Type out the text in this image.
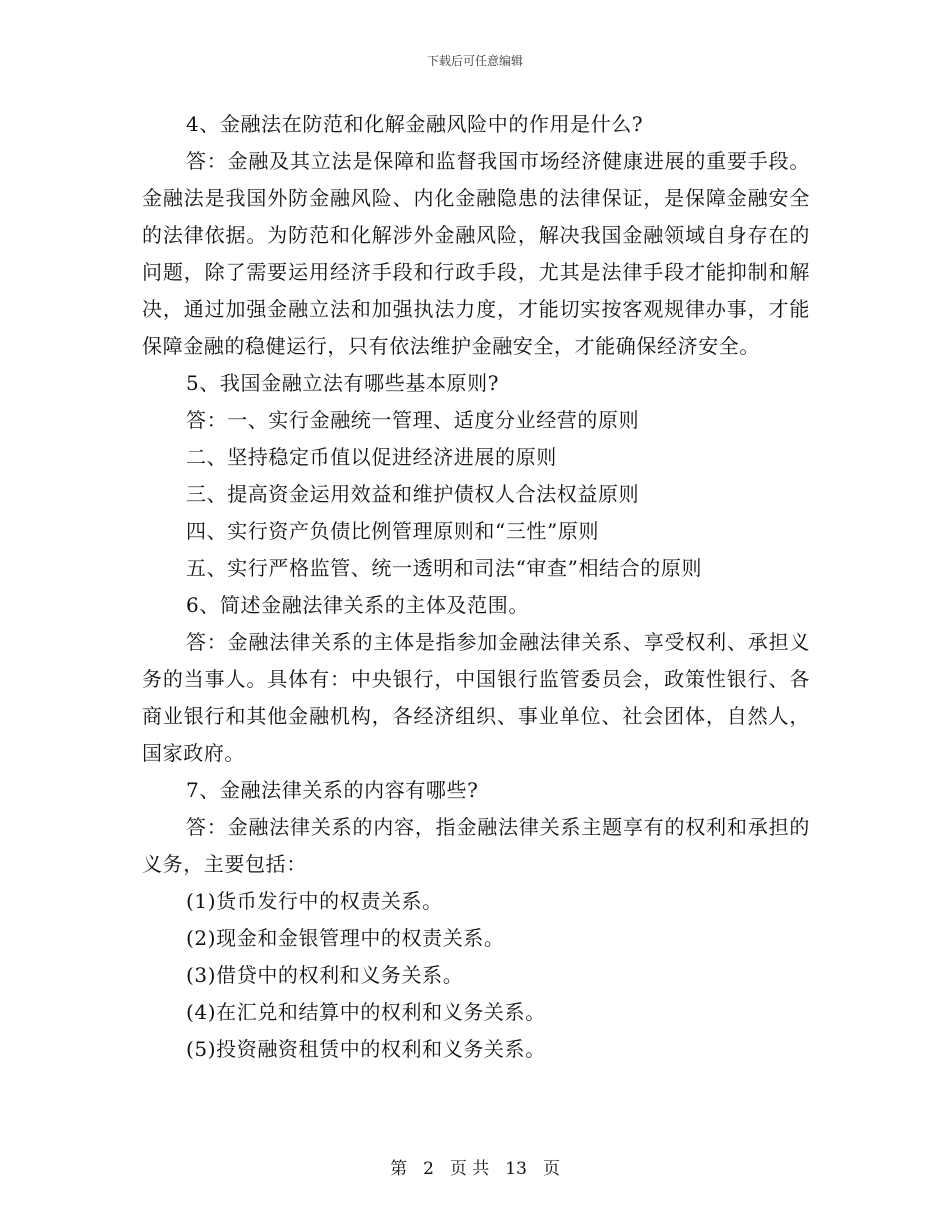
下载后可任意编辑

4、金融法在防范和化解金融风险中的作用是什么?

答：金融及其立法是保障和监督我国市场经济健康进展的重要手段。金融法是我国外防金融风险、内化金融隐患的法律保证，是保障金融安全的法律依据。为防范和化解涉外金融风险，解决我国金融领域自身存在的问题，除了需要运用经济手段和行政手段，尤其是法律手段才能抑制和解决，通过加强金融立法和加强执法力度，才能切实按客观规律办事，才能保障金融的稳健运行，只有依法维护金融安全，才能确保经济安全。

5、我国金融立法有哪些基本原则?

答：一、实行金融统一管理、适度分业经营的原则

二、坚持稳定币值以促进经济进展的原则

三、提高资金运用效益和维护债权人合法权益原则

四、实行资产负债比例管理原则和“三性”原则

五、实行严格监管、统一透明和司法“审查”相结合的原则

6、简述金融法律关系的主体及范围。

答：金融法律关系的主体是指参加金融法律关系、享受权利、承担义务的当事人。具体有：中央银行，中国银行监管委员会，政策性银行、各商业银行和其他金融机构，各经济组织、事业单位、社会团体，自然人，国家政府。

7、金融法律关系的内容有哪些?

答：金融法律关系的内容，指金融法律关系主题享有的权利和承担的义务，主要包括：

(1)货币发行中的权责关系。

(2)现金和金银管理中的权责关系。

(3)借贷中的权利和义务关系。

(4)在汇兑和结算中的权利和义务关系。

(5)投资融资租赁中的权利和义务关系。

第 2 页 共 13 页
